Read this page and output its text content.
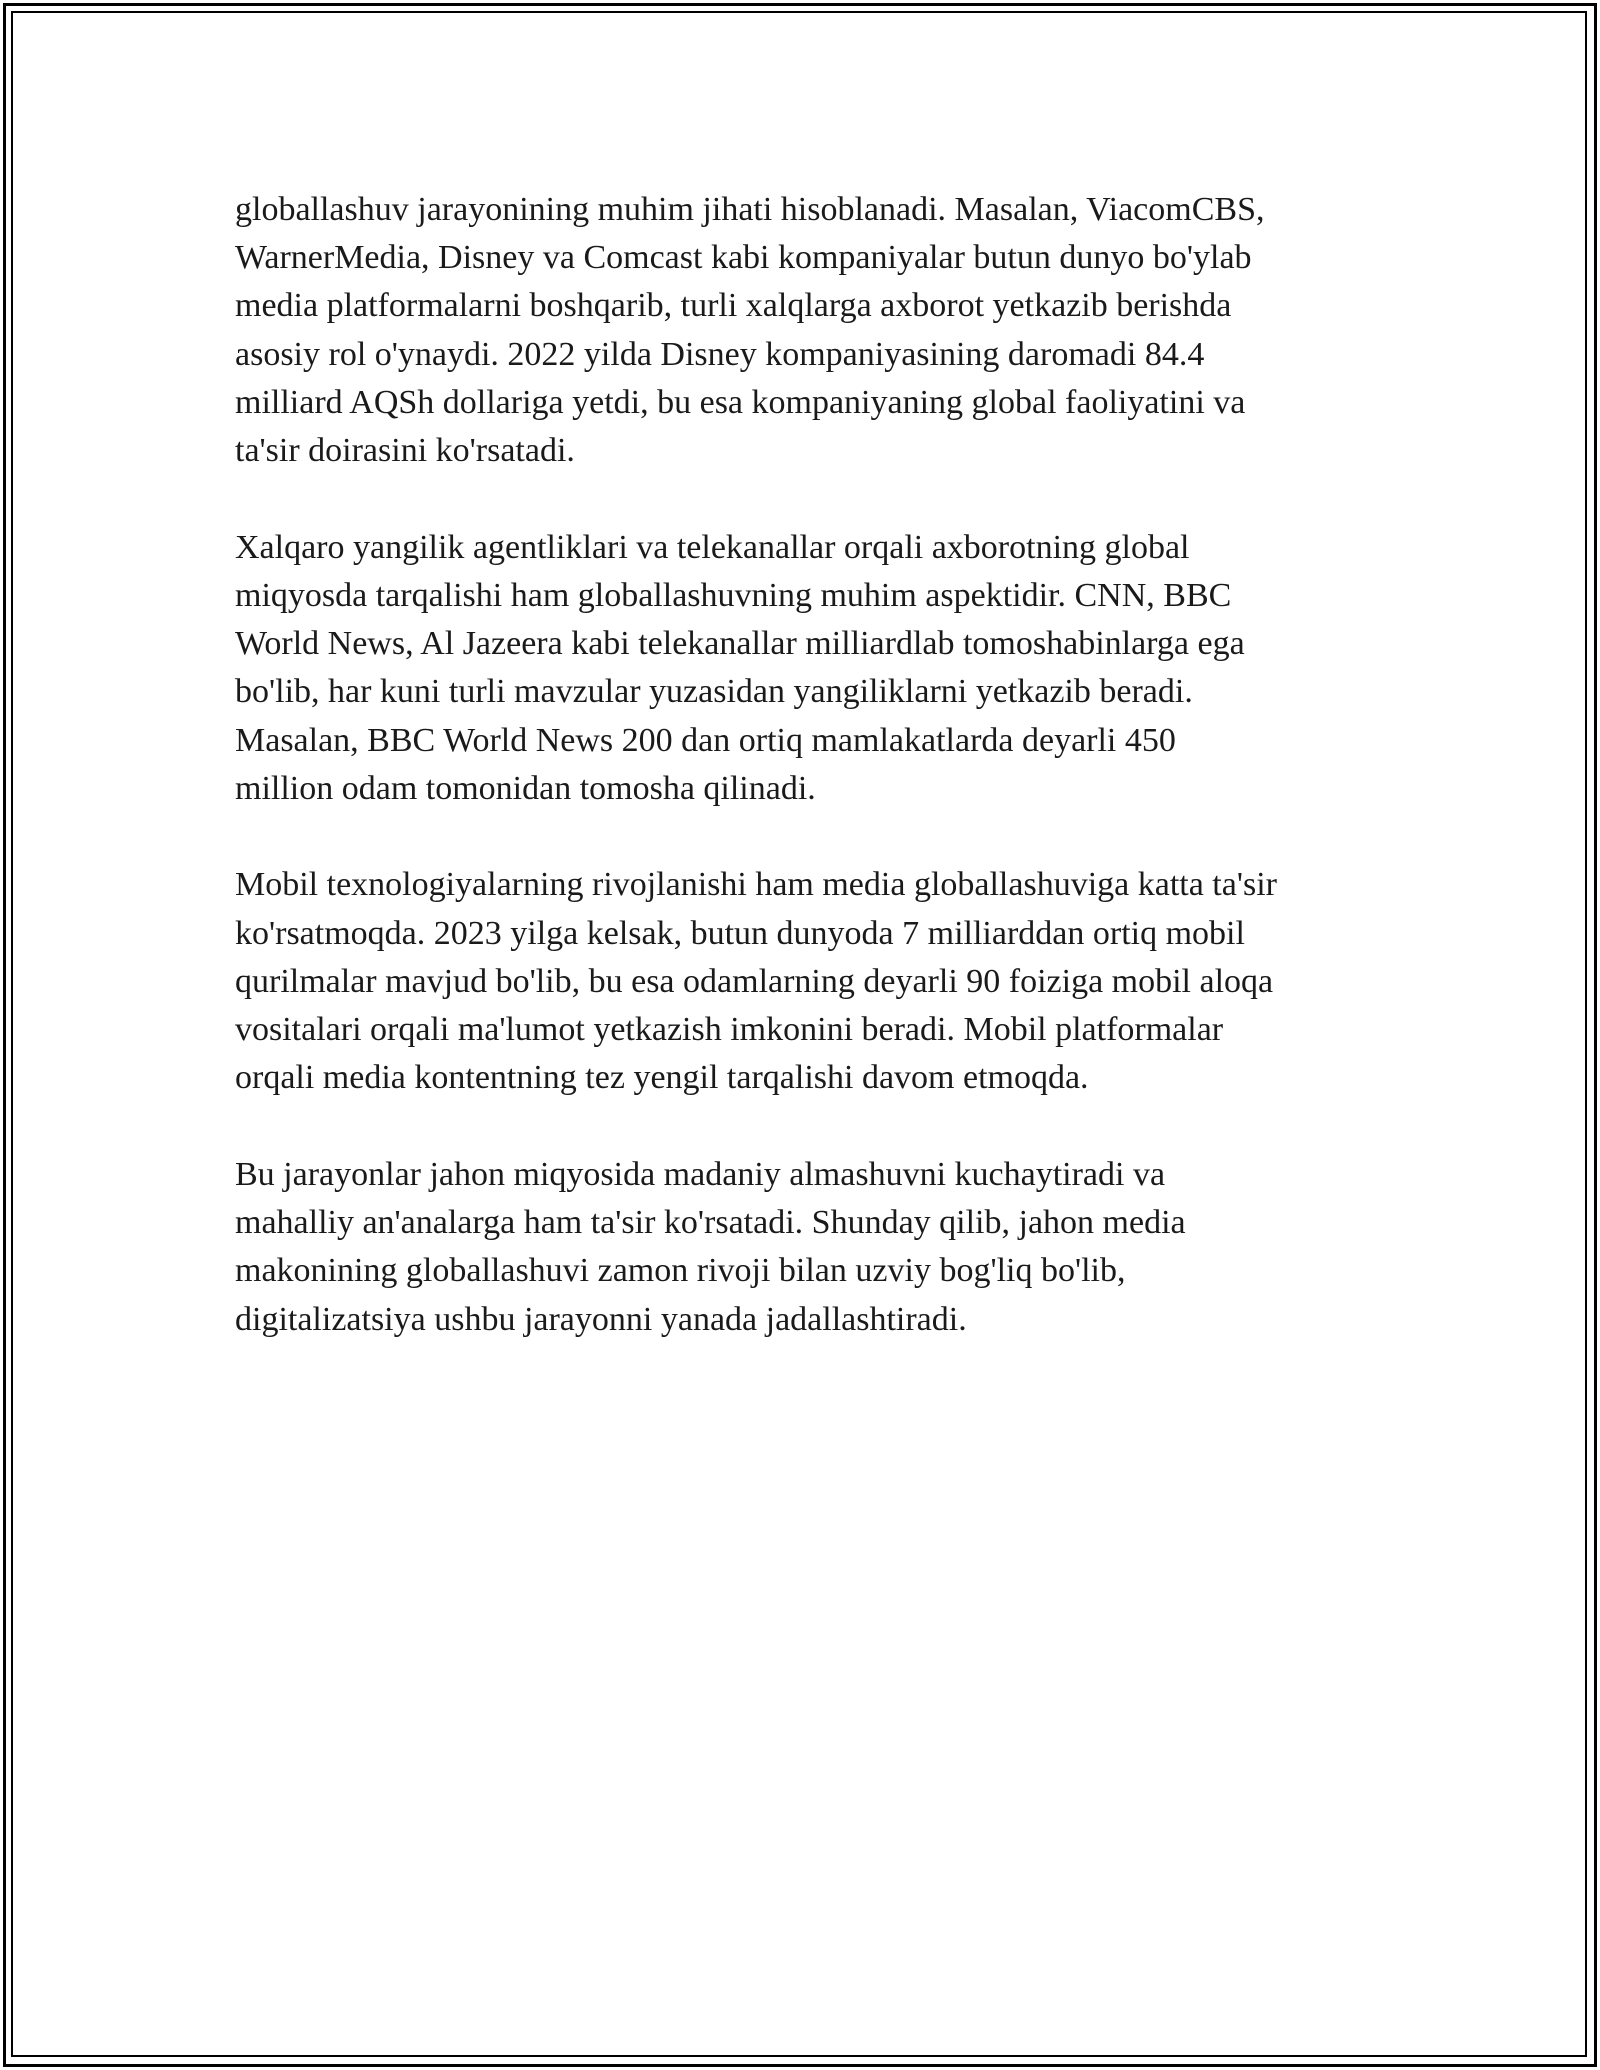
globallashuv jarayonining muhim jihati hisoblanadi. Masalan, ViacomCBS,
WarnerMedia, Disney va Comcast kabi kompaniyalar butun dunyo bo'ylab
media platformalarni boshqarib, turli xalqlarga axborot yetkazib berishda
asosiy rol o'ynaydi. 2022 yilda Disney kompaniyasining daromadi 84.4
milliard AQSh dollariga yetdi, bu esa kompaniyaning global faoliyatini va
ta'sir doirasini ko'rsatadi.
Xalqaro yangilik agentliklari va telekanallar orqali axborotning global
miqyosda tarqalishi ham globallashuvning muhim aspektidir. CNN, BBC
World News, Al Jazeera kabi telekanallar milliardlab tomoshabinlarga ega
bo'lib, har kuni turli mavzular yuzasidan yangiliklarni yetkazib beradi.
Masalan, BBC World News 200 dan ortiq mamlakatlarda deyarli 450
million odam tomonidan tomosha qilinadi.
Mobil texnologiyalarning rivojlanishi ham media globallashuviga katta ta'sir
ko'rsatmoqda. 2023 yilga kelsak, butun dunyoda 7 milliarddan ortiq mobil
qurilmalar mavjud bo'lib, bu esa odamlarning deyarli 90 foiziga mobil aloqa
vositalari orqali ma'lumot yetkazish imkonini beradi. Mobil platformalar
orqali media kontentning tez yengil tarqalishi davom etmoqda.
Bu jarayonlar jahon miqyosida madaniy almashuvni kuchaytiradi va
mahalliy an'analarga ham ta'sir ko'rsatadi. Shunday qilib, jahon media
makonining globallashuvi zamon rivoji bilan uzviy bog'liq bo'lib,
digitalizatsiya ushbu jarayonni yanada jadallashtiradi.
